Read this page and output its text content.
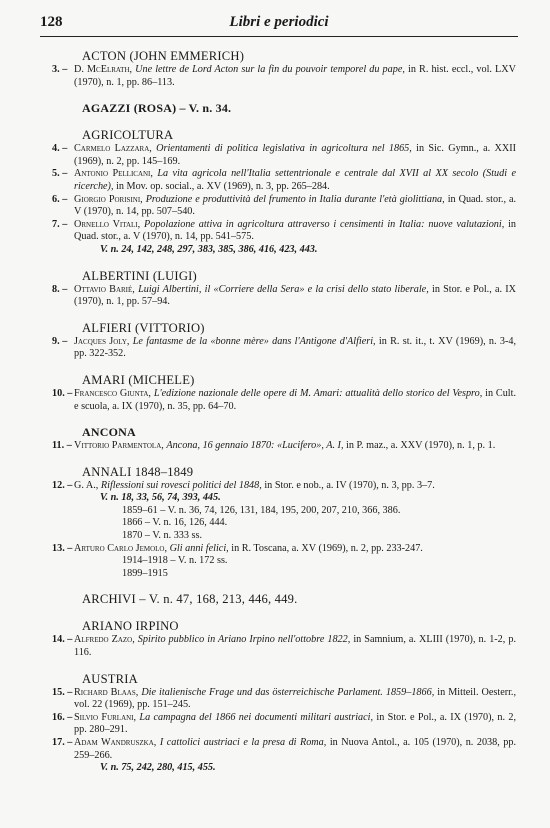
128	Libri e periodici
ACTON (JOHN EMMERICH)
3. – D. McElrath, Une lettre de Lord Acton sur la fin du pouvoir temporel du pape, in R. hist. eccl., vol. LXV (1970), n. 1, pp. 86–113.
AGAZZI (ROSA) – V. n. 34.
AGRICOLTURA
4. – Carmelo Lazzara, Orientamenti di politica legislativa in agricoltura nel 1865, in Sic. Gymn., a. XXII (1969), n. 2, pp. 145–169.
5. – Antonio Pellicani, La vita agricola nell'Italia settentrionale e centrale dal XVII al XX secolo (Studi e ricerche), in Mov. op. social., a. XV (1969), n. 3, pp. 265–284.
6. – Giorgio Porisini, Produzione e produttività del frumento in Italia durante l'età giolittiana, in Quad. stor., a. V (1970), n. 14, pp. 507–540.
7. – Ornello Vitali, Popolazione attiva in agricoltura attraverso i censimenti in Italia: nuove valutazioni, in Quad. stor., a. V (1970), n. 14, pp. 541–575.
V. n. 24, 142, 248, 297, 383, 385, 386, 416, 423, 443.
ALBERTINI (LUIGI)
8. – Ottavio Barié, Luigi Albertini, il «Corriere della Sera» e la crisi dello stato liberale, in Stor. e Pol., a. IX (1970), n. 1, pp. 57–94.
ALFIERI (VITTORIO)
9. – Jacques Joly, Le fantasme de la «bonne mère» dans l'Antigone d'Alfieri, in R. st. it., t. XV (1969), n. 3-4, pp. 322-352.
AMARI (MICHELE)
10. – Francesco Giunta, L'edizione nazionale delle opere di M. Amari: attualità dello storico del Vespro, in Cult. e scuola, a. IX (1970), n. 35, pp. 64–70.
ANCONA
11. – Vittorio Parmentola, Ancona, 16 gennaio 1870: «Lucifero», A. I, in P. maz., a. XXV (1970), n. 1, p. 1.
ANNALI 1848–1849
12. – G. A., Riflessioni sui rovesci politici del 1848, in Stor. e nob., a. IV (1970), n. 3, pp. 3–7.
V. n. 18, 33, 56, 74, 393, 445.
1859–61 – V. n. 36, 74, 126, 131, 184, 195, 200, 207, 210, 366, 386.
1866 – V. n. 16, 126, 444.
1870 – V. n. 333 ss.
13. – Arturo Carlo Jemolo, Gli anni felici, in R. Toscana, a. XV (1969), n. 2, pp. 233-247.
1914–1918 – V. n. 172 ss.
1899–1915
ARCHIVI – V. n. 47, 168, 213, 446, 449.
ARIANO IRPINO
14. – Alfredo Zazo, Spirito pubblico in Ariano Irpino nell'ottobre 1822, in Samnium, a. XLIII (1970), n. 1-2, p. 116.
AUSTRIA
15. – Richard Blaas, Die italienische Frage und das österreichische Parlament. 1859–1866, in Mitteil. Oesterr., vol. 22 (1969), pp. 151–245.
16. – Silvio Furlani, La campagna del 1866 nei documenti militari austriaci, in Stor. e Pol., a. IX (1970), n. 2, pp. 280–291.
17. – Adam Wandruszka, I cattolici austriaci e la presa di Roma, in Nuova Antol., a. 105 (1970), n. 2038, pp. 259–266.
V. n. 75, 242, 280, 415, 455.
